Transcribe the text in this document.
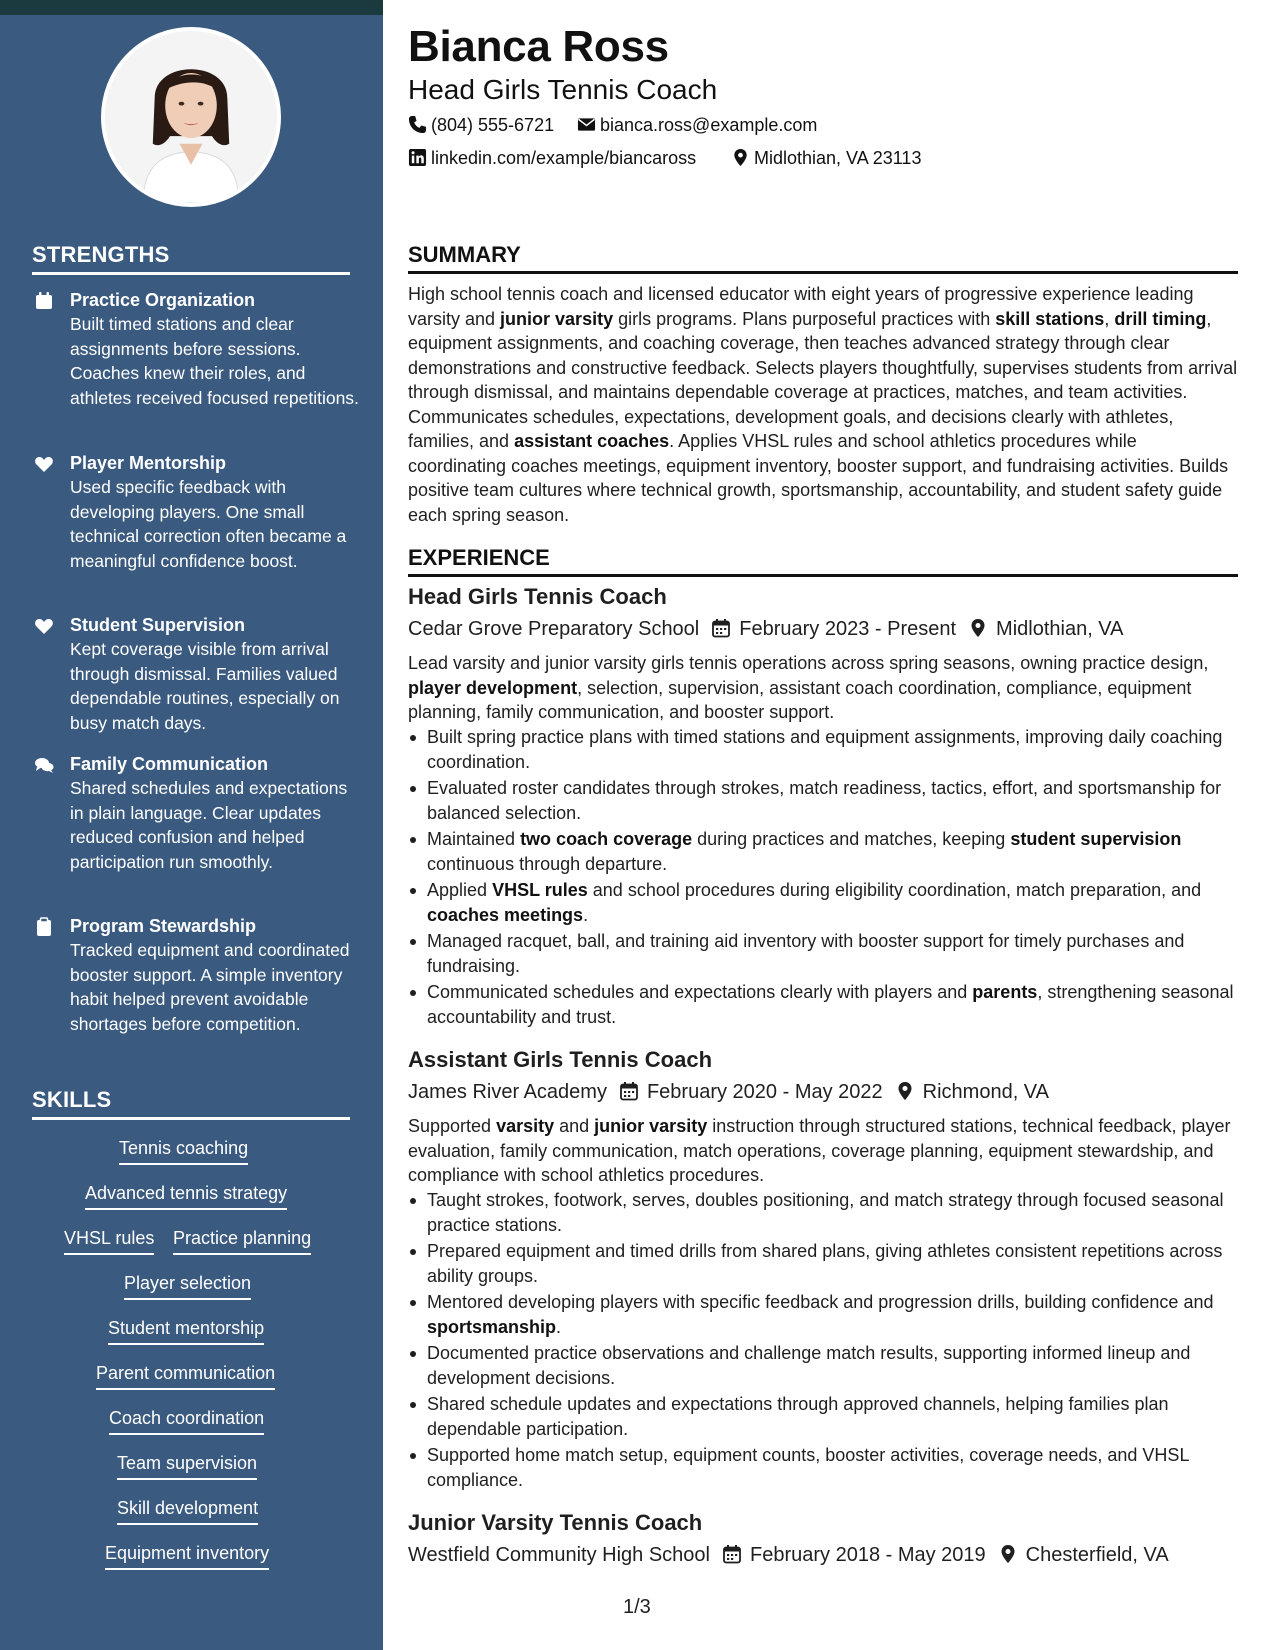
STRENGTHS
Practice Organization
Built timed stations and clear assignments before sessions. Coaches knew their roles, and athletes received focused repetitions.
Player Mentorship
Used specific feedback with developing players. One small technical correction often became a meaningful confidence boost.
Student Supervision
Kept coverage visible from arrival through dismissal. Families valued dependable routines, especially on busy match days.
Family Communication
Shared schedules and expectations in plain language. Clear updates reduced confusion and helped participation run smoothly.
Program Stewardship
Tracked equipment and coordinated booster support. A simple inventory habit helped prevent avoidable shortages before competition.
SKILLS
Tennis coaching
Advanced tennis strategy
VHSL rules Practice planning
Player selection
Student mentorship
Parent communication
Coach coordination
Team supervision
Skill development
Equipment inventory
Bianca Ross
Head Girls Tennis Coach
(804) 555-6721	bianca.ross@example.com
linkedin.com/example/biancaross	Midlothian, VA 23113
SUMMARY
High school tennis coach and licensed educator with eight years of progressive experience leading varsity and junior varsity girls programs. Plans purposeful practices with skill stations, drill timing, equipment assignments, and coaching coverage, then teaches advanced strategy through clear demonstrations and constructive feedback. Selects players thoughtfully, supervises students from arrival through dismissal, and maintains dependable coverage at practices, matches, and team activities. Communicates schedules, expectations, development goals, and decisions clearly with athletes, families, and assistant coaches. Applies VHSL rules and school athletics procedures while coordinating coaches meetings, equipment inventory, booster support, and fundraising activities. Builds positive team cultures where technical growth, sportsmanship, accountability, and student safety guide each spring season.
EXPERIENCE
Head Girls Tennis Coach
Cedar Grove Preparatory School February 2023 - Present Midlothian, VA
Lead varsity and junior varsity girls tennis operations across spring seasons, owning practice design, player development, selection, supervision, assistant coach coordination, compliance, equipment planning, family communication, and booster support.
Built spring practice plans with timed stations and equipment assignments, improving daily coaching coordination.
Evaluated roster candidates through strokes, match readiness, tactics, effort, and sportsmanship for balanced selection.
Maintained two coach coverage during practices and matches, keeping student supervision continuous through departure.
Applied VHSL rules and school procedures during eligibility coordination, match preparation, and coaches meetings.
Managed racquet, ball, and training aid inventory with booster support for timely purchases and fundraising.
Communicated schedules and expectations clearly with players and parents, strengthening seasonal accountability and trust.
Assistant Girls Tennis Coach
James River Academy February 2020 - May 2022 Richmond, VA
Supported varsity and junior varsity instruction through structured stations, technical feedback, player evaluation, family communication, match operations, coverage planning, equipment stewardship, and compliance with school athletics procedures.
Taught strokes, footwork, serves, doubles positioning, and match strategy through focused seasonal practice stations.
Prepared equipment and timed drills from shared plans, giving athletes consistent repetitions across ability groups.
Mentored developing players with specific feedback and progression drills, building confidence and sportsmanship.
Documented practice observations and challenge match results, supporting informed lineup and development decisions.
Shared schedule updates and expectations through approved channels, helping families plan dependable participation.
Supported home match setup, equipment counts, booster activities, coverage needs, and VHSL compliance.
Junior Varsity Tennis Coach
Westfield Community High School February 2018 - May 2019 Chesterfield, VA
1/3
